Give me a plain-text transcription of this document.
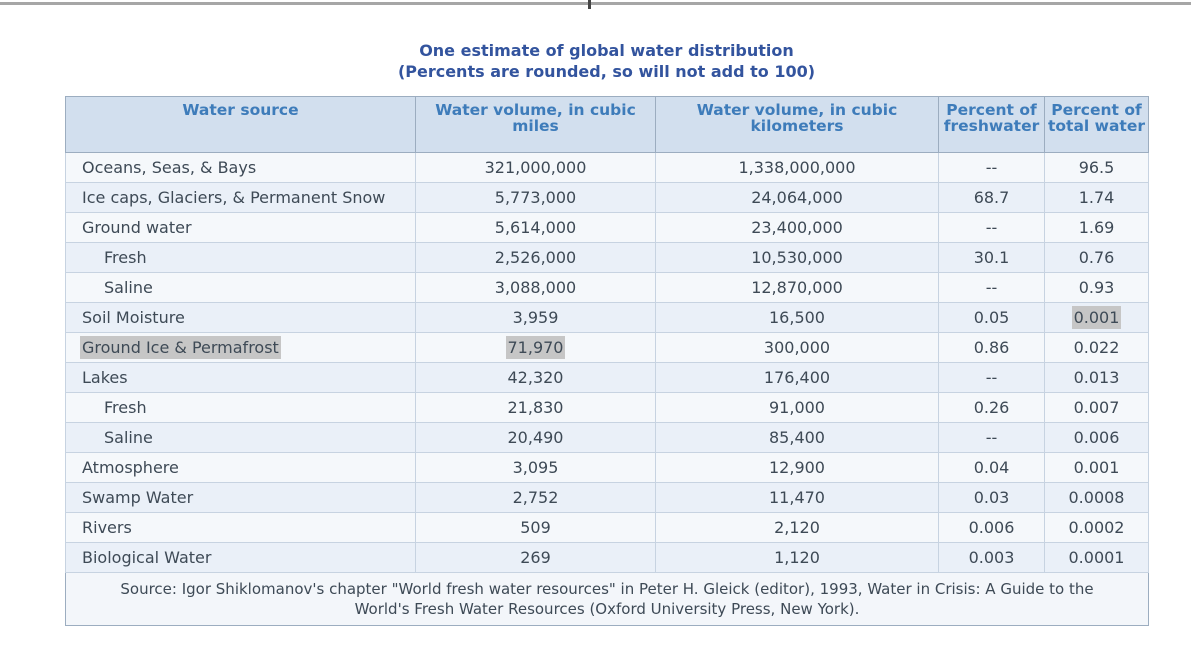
One estimate of global water distribution
(Percents are rounded, so will not add to 100)
Water source	Water volume, in cubic miles	Water volume, in cubic kilometers	Percent of freshwater	Percent of total water
Oceans, Seas, & Bays	321,000,000	1,338,000,000	--	96.5
Ice caps, Glaciers, & Permanent Snow	5,773,000	24,064,000	68.7	1.74
Ground water	5,614,000	23,400,000	--	1.69
Fresh	2,526,000	10,530,000	30.1	0.76
Saline	3,088,000	12,870,000	--	0.93
Soil Moisture	3,959	16,500	0.05	0.001
Ground Ice & Permafrost	71,970	300,000	0.86	0.022
Lakes	42,320	176,400	--	0.013
Fresh	21,830	91,000	0.26	0.007
Saline	20,490	85,400	--	0.006
Atmosphere	3,095	12,900	0.04	0.001
Swamp Water	2,752	11,470	0.03	0.0008
Rivers	509	2,120	0.006	0.0002
Biological Water	269	1,120	0.003	0.0001
Source: Igor Shiklomanov's chapter "World fresh water resources" in Peter H. Gleick (editor), 1993, Water in Crisis: A Guide to the World's Fresh Water Resources (Oxford University Press, New York).				
